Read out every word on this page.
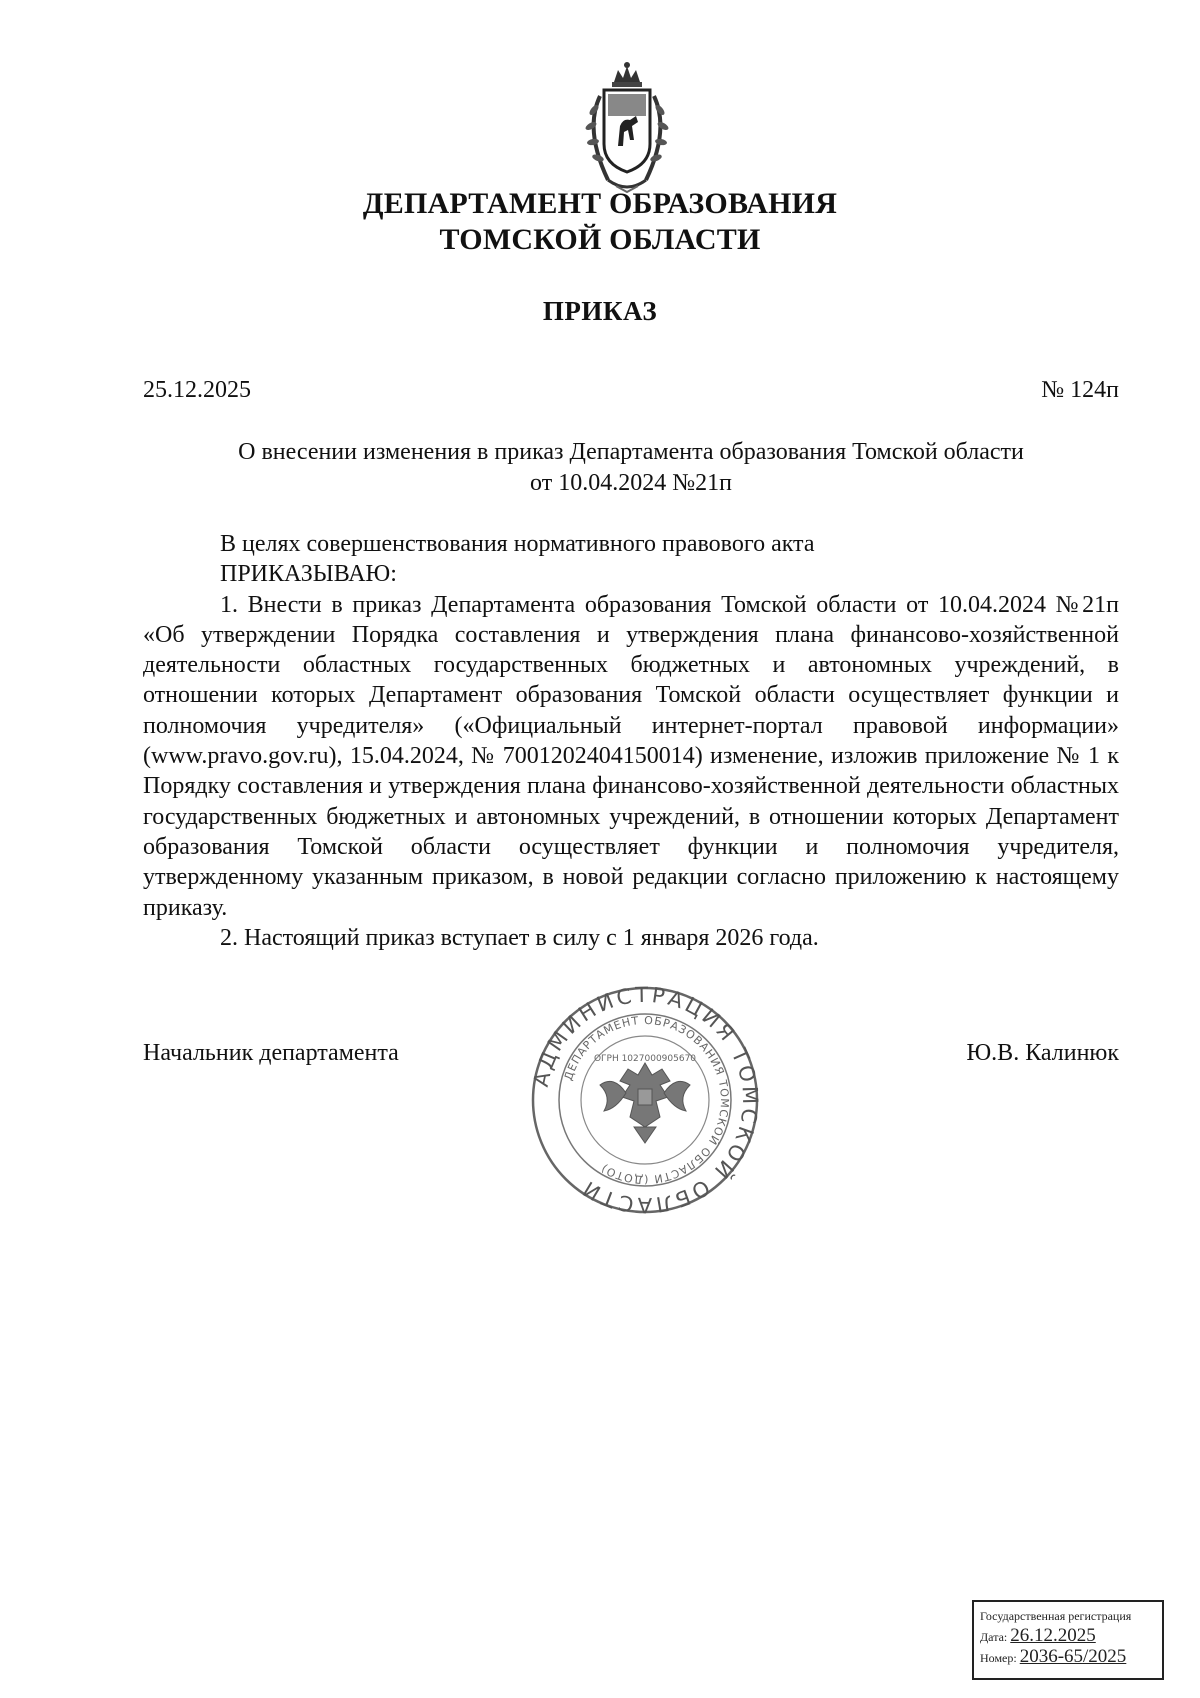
ДЕПАРТАМЕНТ ОБРАЗОВАНИЯ
ТОМСКОЙ ОБЛАСТИ
ПРИКАЗ
25.12.2025	№ 124п
О внесении изменения в приказ Департамента образования Томской области
от 10.04.2024 №21п

В целях совершенствования нормативного правового акта

ПРИКАЗЫВАЮ:

1. Внести в приказ Департамента образования Томской области от 10.04.2024 №21п «Об утверждении Порядка составления и утверждения плана финансово-хозяйственной деятельности областных государственных бюджетных и автономных учреждений, в отношении которых Департамент образования Томской области осуществляет функции и полномочия учредителя» («Официальный интернет-портал правовой информации» (www.pravo.gov.ru), 15.04.2024, № 7001202404150014) изменение, изложив приложение № 1 к Порядку составления и утверждения плана финансово-хозяйственной деятельности областных государственных бюджетных и автономных учреждений, в отношении которых Департамент образования Томской области осуществляет функции и полномочия учредителя, утвержденному указанным приказом, в новой редакции согласно приложению к настоящему приказу.

2. Настоящий приказ вступает в силу с 1 января 2026 года.

Начальник департамента	Ю.В. Калинюк
АДМИНИСТРАЦИЯ ТОМСКОЙ ОБЛАСТИ
ДЕПАРТАМЕНТ ОБРАЗОВАНИЯ ТОМСКОЙ ОБЛАСТИ (ДОТО)
ОГРН 1027000905670
Государственная регистрация
Дата: 26.12.2025
Номер: 2036-65/2025
